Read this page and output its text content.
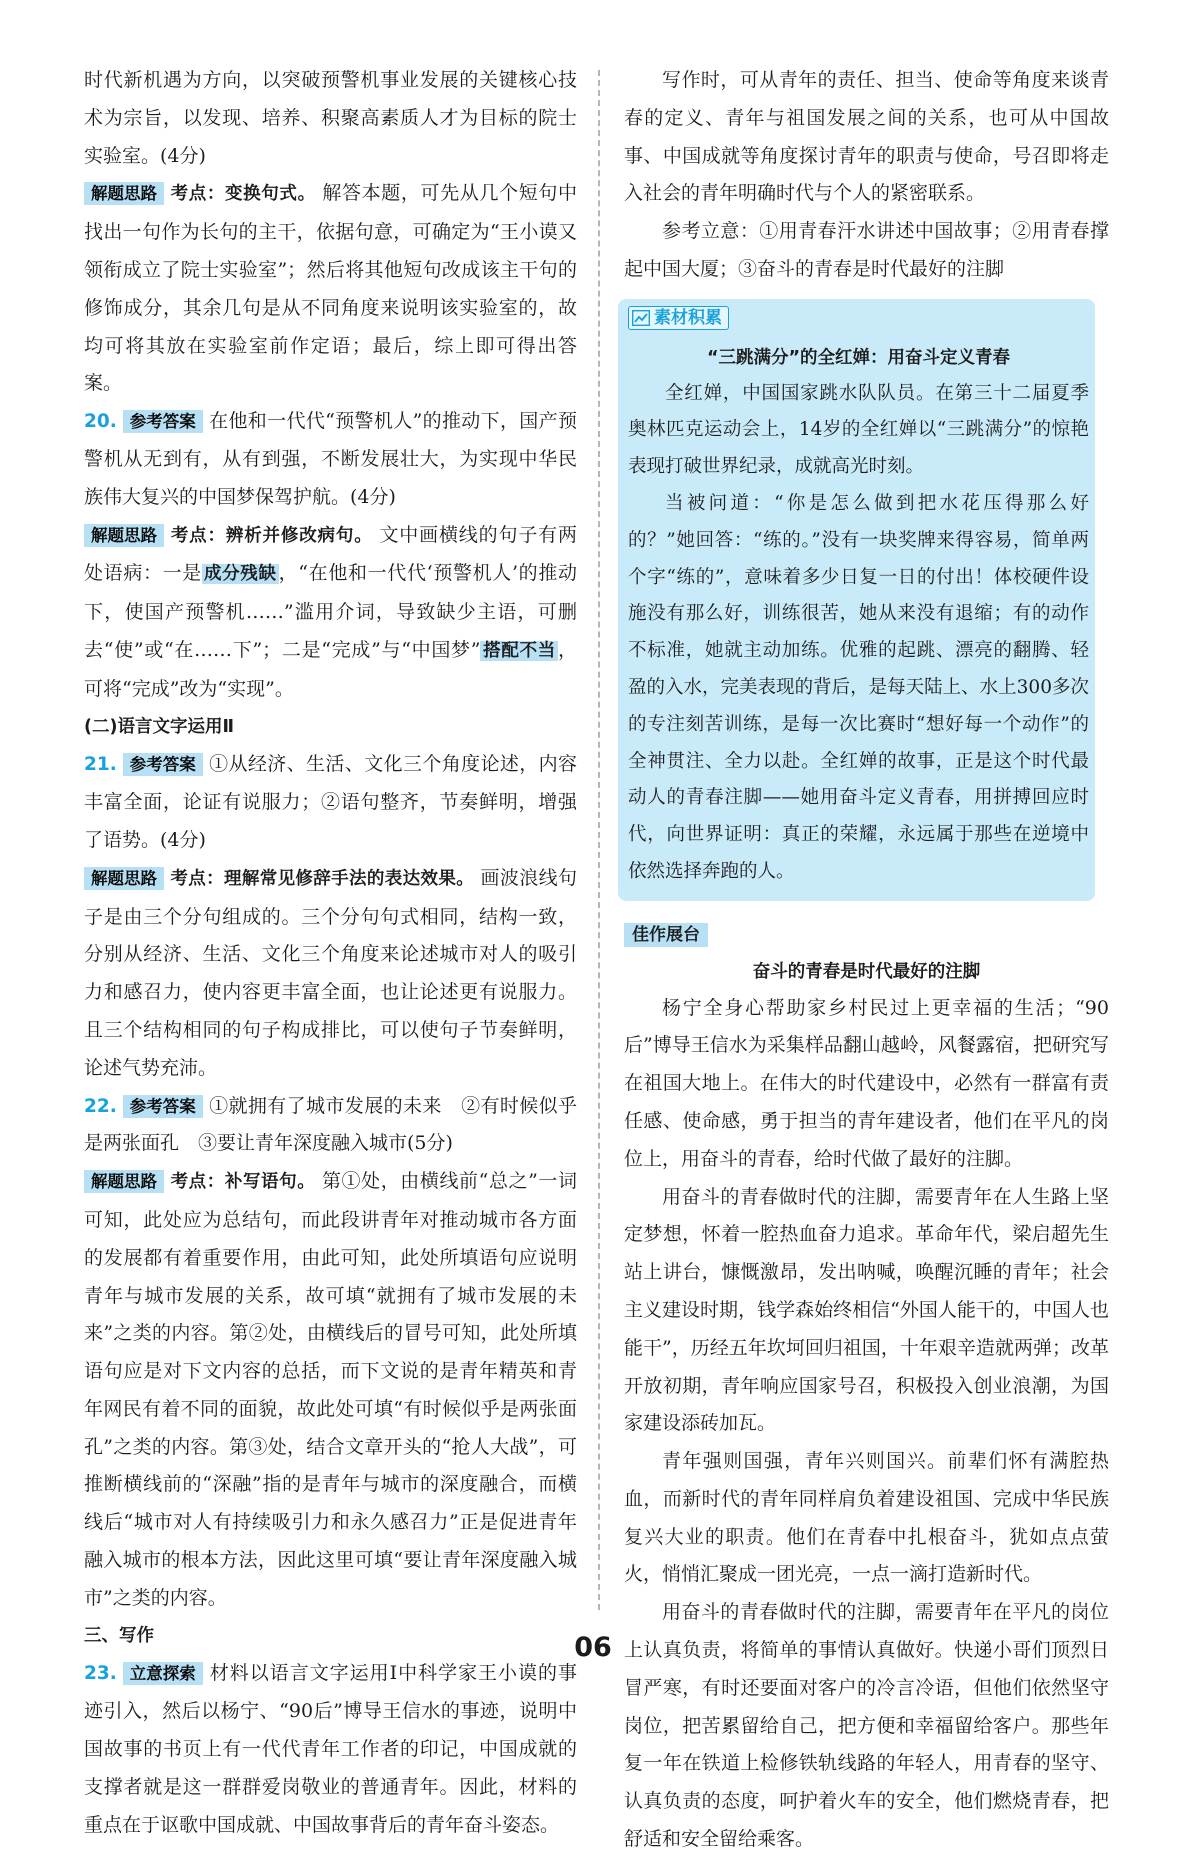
时代新机遇为方向，以突破预警机事业发展的关键核心技术为宗旨，以发现、培养、积聚高素质人才为目标的院士实验室。(4分)

解题思路 考点：变换句式。 解答本题，可先从几个短句中找出一句作为长句的主干，依据句意，可确定为“王小谟又领衔成立了院士实验室”；然后将其他短句改成该主干句的修饰成分，其余几句是从不同角度来说明该实验室的，故均可将其放在实验室前作定语；最后，综上即可得出答案。

20. 参考答案 在他和一代代“预警机人”的推动下，国产预警机从无到有，从有到强，不断发展壮大，为实现中华民族伟大复兴的中国梦保驾护航。(4分)

解题思路 考点：辨析并修改病句。 文中画横线的句子有两处语病：一是 成分残缺 ，“在他和一代代‘预警机人’的推动下，使国产预警机……”滥用介词，导致缺少主语，可删去“使”或“在……下”；二是“完成”与“中国梦” 搭配不当 ，可将“完成”改为“实现”。

(二)语言文字运用Ⅱ

21. 参考答案 ①从经济、生活、文化三个角度论述，内容丰富全面，论证有说服力；②语句整齐，节奏鲜明，增强了语势。(4分)

解题思路 考点：理解常见修辞手法的表达效果。 画波浪线句子是由三个分句组成的。三个分句句式相同，结构一致，分别从经济、生活、文化三个角度来论述城市对人的吸引力和感召力，使内容更丰富全面，也让论述更有说服力。且三个结构相同的句子构成排比，可以使句子节奏鲜明，论述气势充沛。

22. 参考答案 ①就拥有了城市发展的未来　②有时候似乎是两张面孔　③要让青年深度融入城市(5分)

解题思路 考点：补写语句。 第①处，由横线前“总之”一词可知，此处应为总结句，而此段讲青年对推动城市各方面的发展都有着重要作用，由此可知，此处所填语句应说明青年与城市发展的关系，故可填“就拥有了城市发展的未来”之类的内容。第②处，由横线后的冒号可知，此处所填语句应是对下文内容的总括，而下文说的是青年精英和青年网民有着不同的面貌，故此处可填“有时候似乎是两张面孔”之类的内容。第③处，结合文章开头的“抢人大战”，可推断横线前的“深融”指的是青年与城市的深度融合，而横线后“城市对人有持续吸引力和永久感召力”正是促进青年融入城市的根本方法，因此这里可填“要让青年深度融入城市”之类的内容。

三、写作

23. 立意探索 材料以语言文字运用Ⅰ中科学家王小谟的事迹引入，然后以杨宁、“90后”博导王信水的事迹，说明中国故事的书页上有一代代青年工作者的印记，中国成就的支撑者就是这一群群爱岗敬业的普通青年。因此，材料的重点在于讴歌中国成就、中国故事背后的青年奋斗姿态。

写作时，可从青年的责任、担当、使命等角度来谈青春的定义、青年与祖国发展之间的关系，也可从中国故事、中国成就等角度探讨青年的职责与使命，号召即将走入社会的青年明确时代与个人的紧密联系。

参考立意：①用青春汗水讲述中国故事；②用青春撑起中国大厦；③奋斗的青春是时代最好的注脚

素材积累
“三跳满分”的全红婵：用奋斗定义青春

全红婵，中国国家跳水队队员。在第三十二届夏季奥林匹克运动会上，14岁的全红婵以“三跳满分”的惊艳表现打破世界纪录，成就高光时刻。

当被问道：“你是怎么做到把水花压得那么好的？”她回答：“练的。”没有一块奖牌来得容易，简单两个字“练的”，意味着多少日复一日的付出！体校硬件设施没有那么好，训练很苦，她从来没有退缩；有的动作不标准，她就主动加练。优雅的起跳、漂亮的翻腾、轻盈的入水，完美表现的背后，是每天陆上、水上300多次的专注刻苦训练，是每一次比赛时“想好每一个动作”的全神贯注、全力以赴。全红婵的故事，正是这个时代最动人的青春注脚——她用奋斗定义青春，用拼搏回应时代，向世界证明：真正的荣耀，永远属于那些在逆境中依然选择奔跑的人。

佳作展台
奋斗的青春是时代最好的注脚

杨宁全身心帮助家乡村民过上更幸福的生活；“90后”博导王信水为采集样品翻山越岭，风餐露宿，把研究写在祖国大地上。在伟大的时代建设中，必然有一群富有责任感、使命感，勇于担当的青年建设者，他们在平凡的岗位上，用奋斗的青春，给时代做了最好的注脚。

用奋斗的青春做时代的注脚，需要青年在人生路上坚定梦想，怀着一腔热血奋力追求。革命年代，梁启超先生站上讲台，慷慨激昂，发出呐喊，唤醒沉睡的青年；社会主义建设时期，钱学森始终相信“外国人能干的，中国人也能干”，历经五年坎坷回归祖国，十年艰辛造就两弹；改革开放初期，青年响应国家号召，积极投入创业浪潮，为国家建设添砖加瓦。

青年强则国强，青年兴则国兴。前辈们怀有满腔热血，而新时代的青年同样肩负着建设祖国、完成中华民族复兴大业的职责。他们在青春中扎根奋斗，犹如点点萤火，悄悄汇聚成一团光亮，一点一滴打造新时代。

用奋斗的青春做时代的注脚，需要青年在平凡的岗位上认真负责，将简单的事情认真做好。快递小哥们顶烈日冒严寒，有时还要面对客户的冷言冷语，但他们依然坚守岗位，把苦累留给自己，把方便和幸福留给客户。那些年复一年在铁道上检修铁轨线路的年轻人，用青春的坚守、认真负责的态度，呵护着火车的安全，他们燃烧青春，把舒适和安全留给乘客。

06
